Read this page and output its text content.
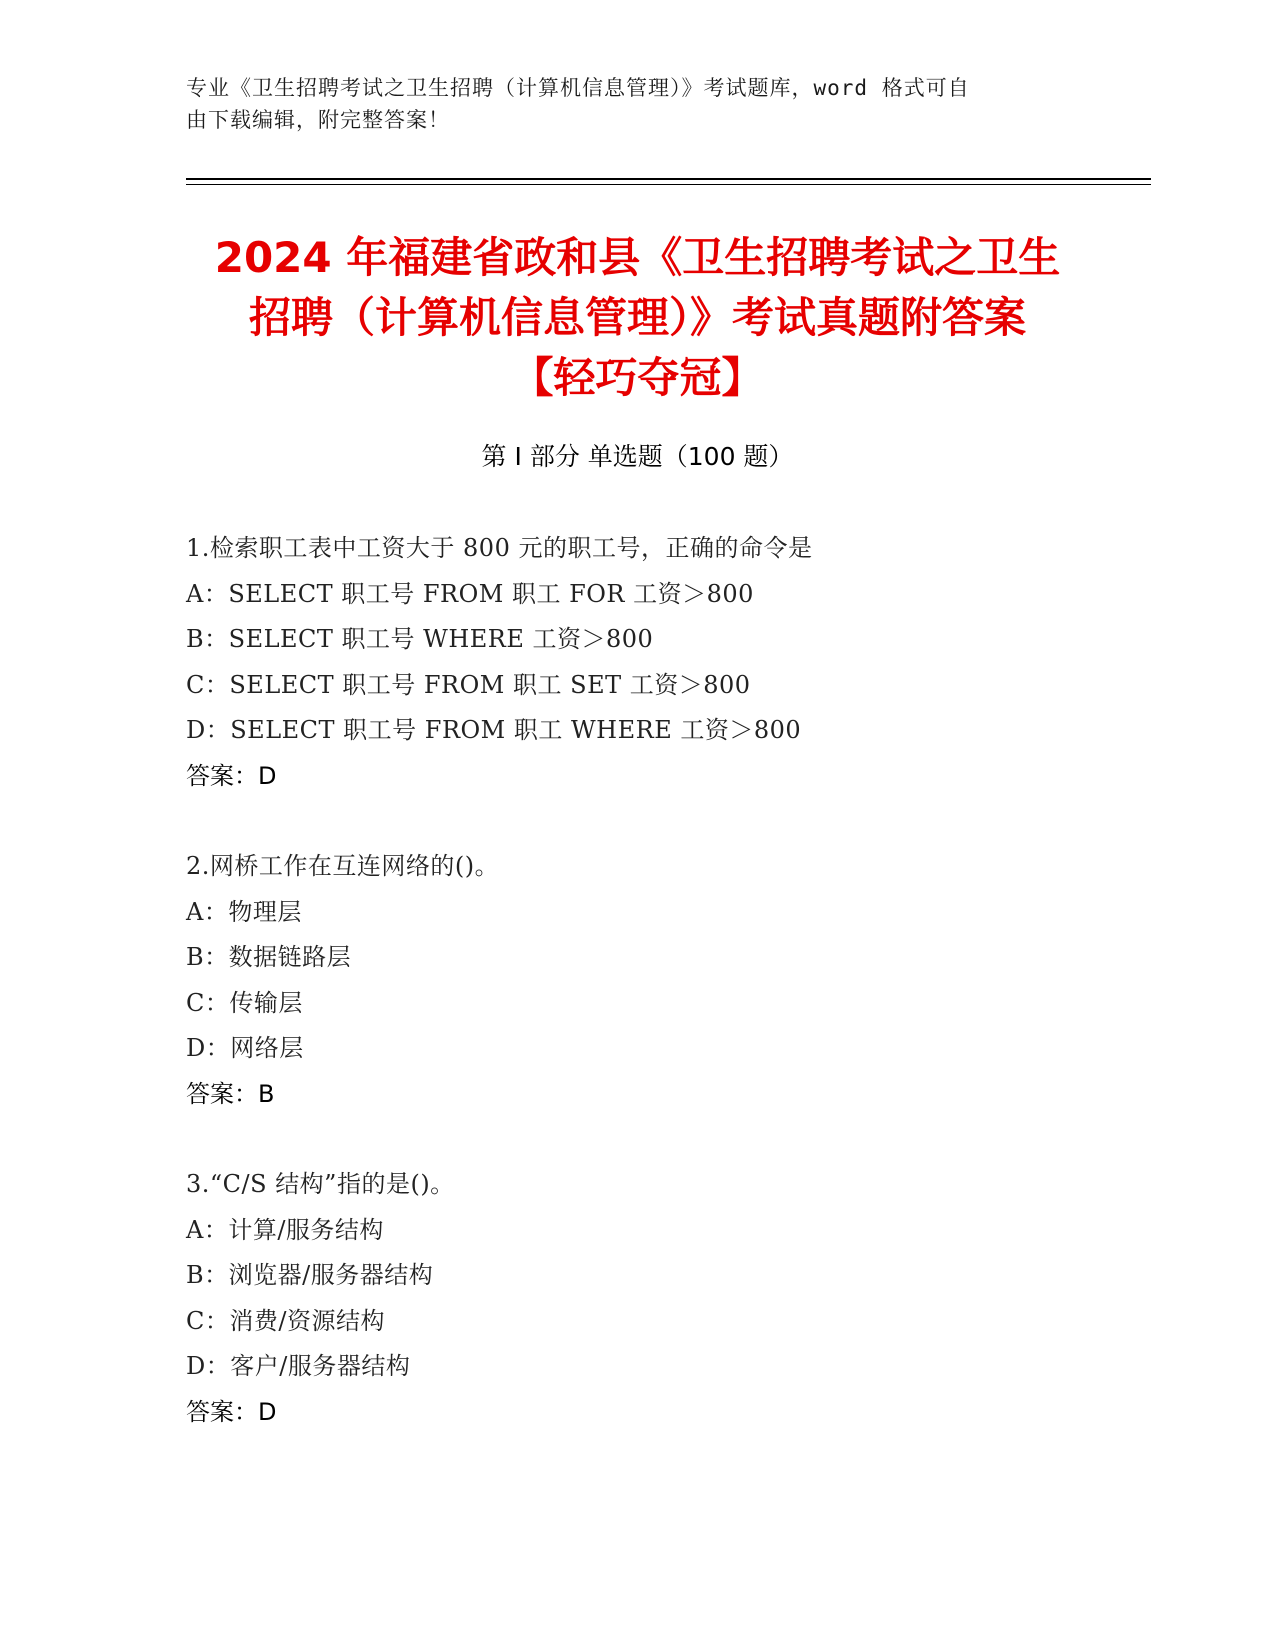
专业《卫生招聘考试之卫生招聘（计算机信息管理）》考试题库，word 格式可自
由下载编辑，附完整答案！
2024 年福建省政和县《卫生招聘考试之卫生
招聘（计算机信息管理）》考试真题附答案
【轻巧夺冠】
第 I 部分 单选题（100 题）
1.检索职工表中工资大于 800 元的职工号，正确的命令是
A：SELECT 职工号 FROM 职工 FOR 工资＞800
B：SELECT 职工号 WHERE 工资＞800
C：SELECT 职工号 FROM 职工 SET 工资＞800
D：SELECT 职工号 FROM 职工 WHERE 工资＞800
答案：D
2.网桥工作在互连网络的()。
A：物理层
B：数据链路层
C：传输层
D：网络层
答案：B
3.“C/S 结构”指的是()。
A：计算/服务结构
B：浏览器/服务器结构
C：消费/资源结构
D：客户/服务器结构
答案：D
